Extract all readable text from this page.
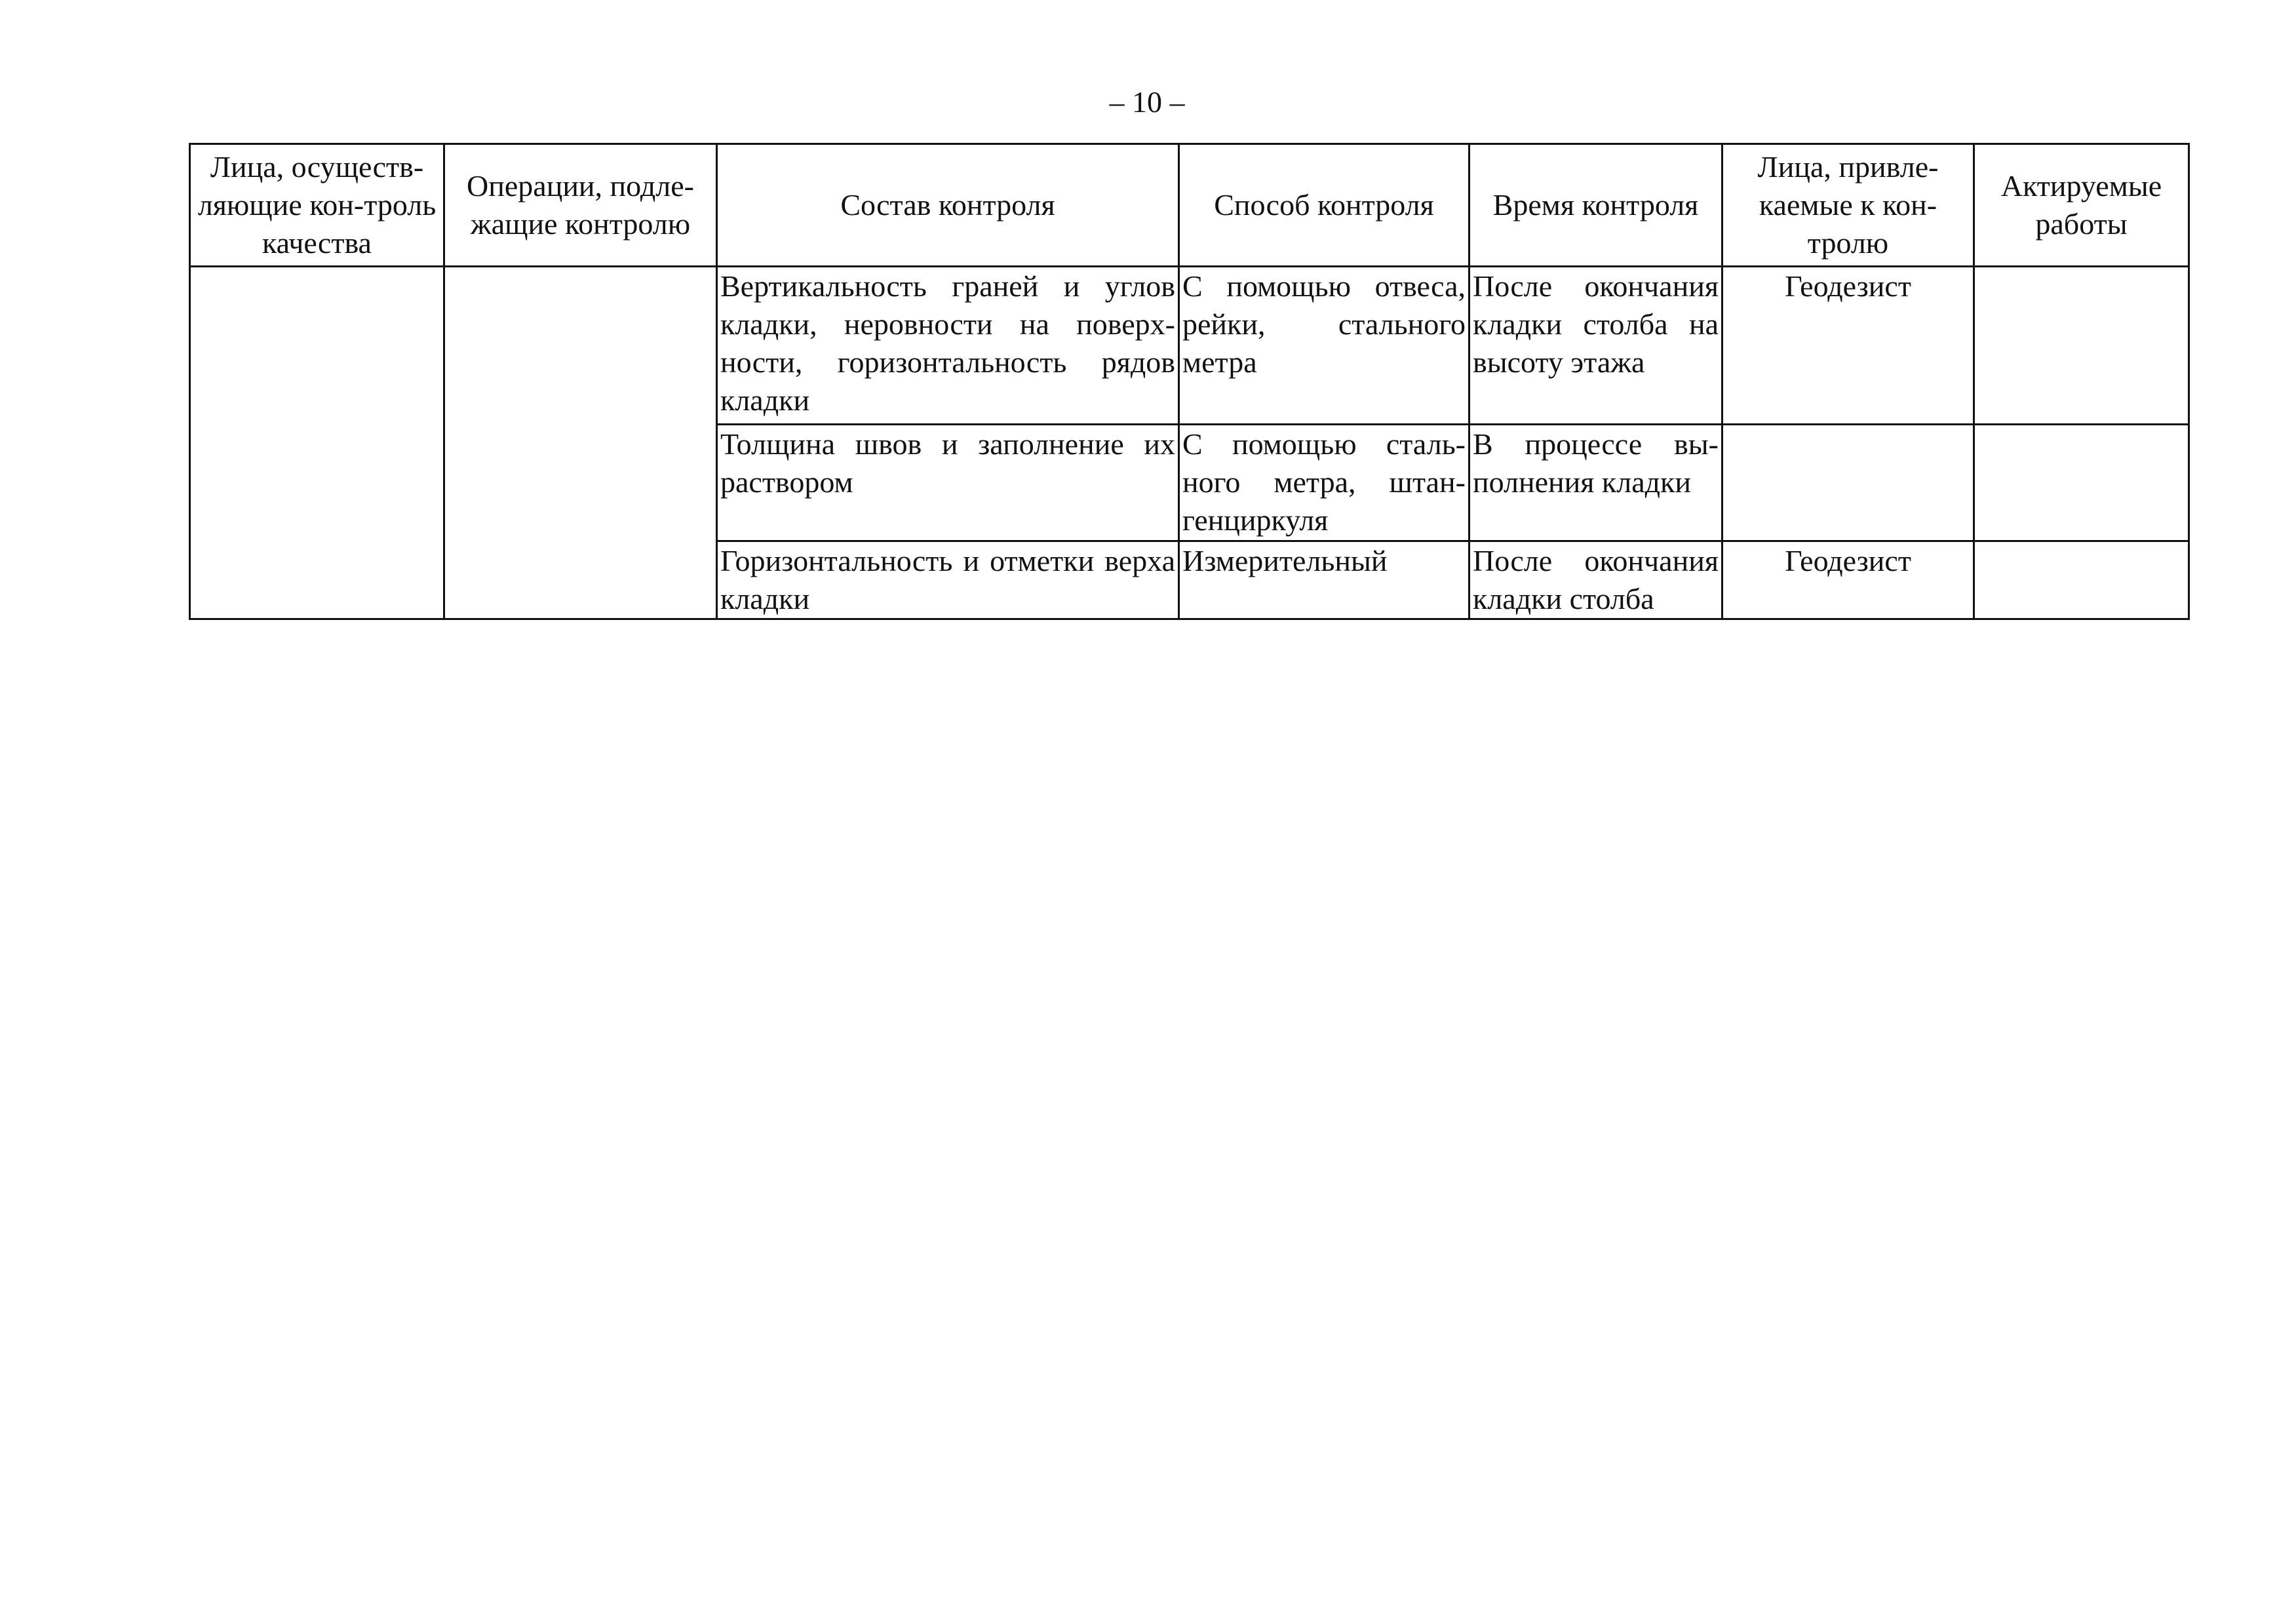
– 10 –
Лица, осуществ-ляющие кон-троль качества	Операции, подле-жащие контролю	Состав контроля	Способ контроля	Время контроля	Лица, привле-каемые к кон-тролю	Актируемые работы
		Вертикальность граней и углов кладки, неровности на поверх-ности, горизонтальность рядов кладки	С помощью отвеса, рейки, стального метра	После окончания кладки столба на высоту этажа	Геодезист	
		Толщина швов и заполнение их раствором	С помощью сталь-ного метра, штан-генциркуля	В процессе вы-полнения кладки		
		Горизонтальность и отметки верха кладки	Измерительный	После окончания кладки столба	Геодезист	
